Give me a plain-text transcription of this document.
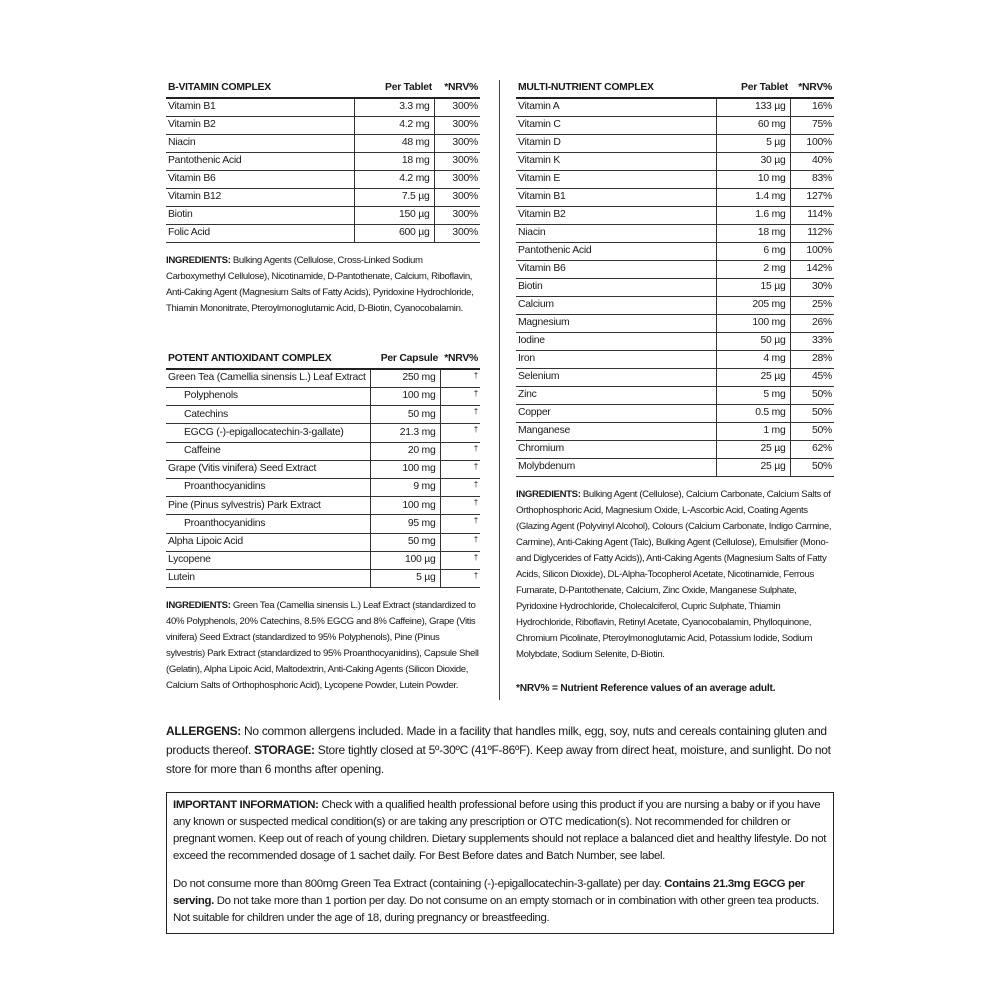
B-VITAMIN COMPLEX	Per Tablet	*NRV%
Vitamin B1	3.3 mg	300%
Vitamin B2	4.2 mg	300%
Niacin	48 mg	300%
Pantothenic Acid	18 mg	300%
Vitamin B6	4.2 mg	300%
Vitamin B12	7.5 µg	300%
Biotin	150 µg	300%
Folic Acid	600 µg	300%

INGREDIENTS: Bulking Agents (Cellulose, Cross-Linked Sodium Carboxymethyl Cellulose), Nicotinamide, D-Pantothenate, Calcium, Riboflavin, Anti-Caking Agent (Magnesium Salts of Fatty Acids), Pyridoxine Hydrochloride, Thiamin Mononitrate, Pteroylmonoglutamic Acid, D-Biotin, Cyanocobalamin.

POTENT ANTIOXIDANT COMPLEX	Per Capsule	*NRV%
Green Tea (Camellia sinensis L.) Leaf Extract	250 mg	†
Polyphenols	100 mg	†
Catechins	50 mg	†
EGCG (-)-epigallocatechin-3-gallate)	21.3 mg	†
Caffeine	20 mg	†
Grape (Vitis vinifera) Seed Extract	100 mg	†
Proanthocyanidins	9 mg	†
Pine (Pinus sylvestris) Park Extract	100 mg	†
Proanthocyanidins	95 mg	†
Alpha Lipoic Acid	50 mg	†
Lycopene	100 µg	†
Lutein	5 µg	†

INGREDIENTS: Green Tea (Camellia sinensis L.) Leaf Extract (standardized to 40% Polyphenols, 20% Catechins, 8.5% EGCG and 8% Caffeine), Grape (Vitis vinifera) Seed Extract (standardized to 95% Polyphenols), Pine (Pinus sylvestris) Park Extract (standardized to 95% Proanthocyanidins), Capsule Shell (Gelatin), Alpha Lipoic Acid, Maltodextrin, Anti-Caking Agents (Silicon Dioxide, Calcium Salts of Orthophosphoric Acid), Lycopene Powder, Lutein Powder.

MULTI-NUTRIENT COMPLEX	Per Tablet	*NRV%
Vitamin A	133 µg	16%
Vitamin C	60 mg	75%
Vitamin D	5 µg	100%
Vitamin K	30 µg	40%
Vitamin E	10 mg	83%
Vitamin B1	1.4 mg	127%
Vitamin B2	1.6 mg	114%
Niacin	18 mg	112%
Pantothenic Acid	6 mg	100%
Vitamin B6	2 mg	142%
Biotin	15 µg	30%
Calcium	205 mg	25%
Magnesium	100 mg	26%
Iodine	50 µg	33%
Iron	4 mg	28%
Selenium	25 µg	45%
Zinc	5 mg	50%
Copper	0.5 mg	50%
Manganese	1 mg	50%
Chromium	25 µg	62%
Molybdenum	25 µg	50%

INGREDIENTS: Bulking Agent (Cellulose), Calcium Carbonate, Calcium Salts of Orthophosphoric Acid, Magnesium Oxide, L-Ascorbic Acid, Coating Agents (Glazing Agent (Polyvinyl Alcohol), Colours (Calcium Carbonate, Indigo Carmine, Carmine), Anti-Caking Agent (Talc), Bulking Agent (Cellulose), Emulsifier (Mono-and Diglycerides of Fatty Acids)), Anti-Caking Agents (Magnesium Salts of Fatty Acids, Silicon Dioxide), DL-Alpha-Tocopherol Acetate, Nicotinamide, Ferrous Fumarate, D-Pantothenate, Calcium, Zinc Oxide, Manganese Sulphate, Pyridoxine Hydrochloride, Cholecalciferol, Cupric Sulphate, Thiamin Hydrochloride, Riboflavin, Retinyl Acetate, Cyanocobalamin, Phylloquinone, Chromium Picolinate, Pteroylmonoglutamic Acid, Potassium Iodide, Sodium Molybdate, Sodium Selenite, D-Biotin.

*NRV% = Nutrient Reference values of an average adult.

ALLERGENS: No common allergens included. Made in a facility that handles milk, egg, soy, nuts and cereals containing gluten and products thereof. STORAGE: Store tightly closed at 5º-30ºC (41ºF-86ºF). Keep away from direct heat, moisture, and sunlight. Do not store for more than 6 months after opening.

IMPORTANT INFORMATION: Check with a qualified health professional before using this product if you are nursing a baby or if you have any known or suspected medical condition(s) or are taking any prescription or OTC medication(s). Not recommended for children or pregnant women. Keep out of reach of young children. Dietary supplements should not replace a balanced diet and healthy lifestyle. Do not exceed the recommended dosage of 1 sachet daily. For Best Before dates and Batch Number, see label.

Do not consume more than 800mg Green Tea Extract (containing (-)-epigallocatechin-3-gallate) per day. Contains 21.3mg EGCG per serving. Do not take more than 1 portion per day. Do not consume on an empty stomach or in combination with other green tea products. Not suitable for children under the age of 18, during pregnancy or breastfeeding.
